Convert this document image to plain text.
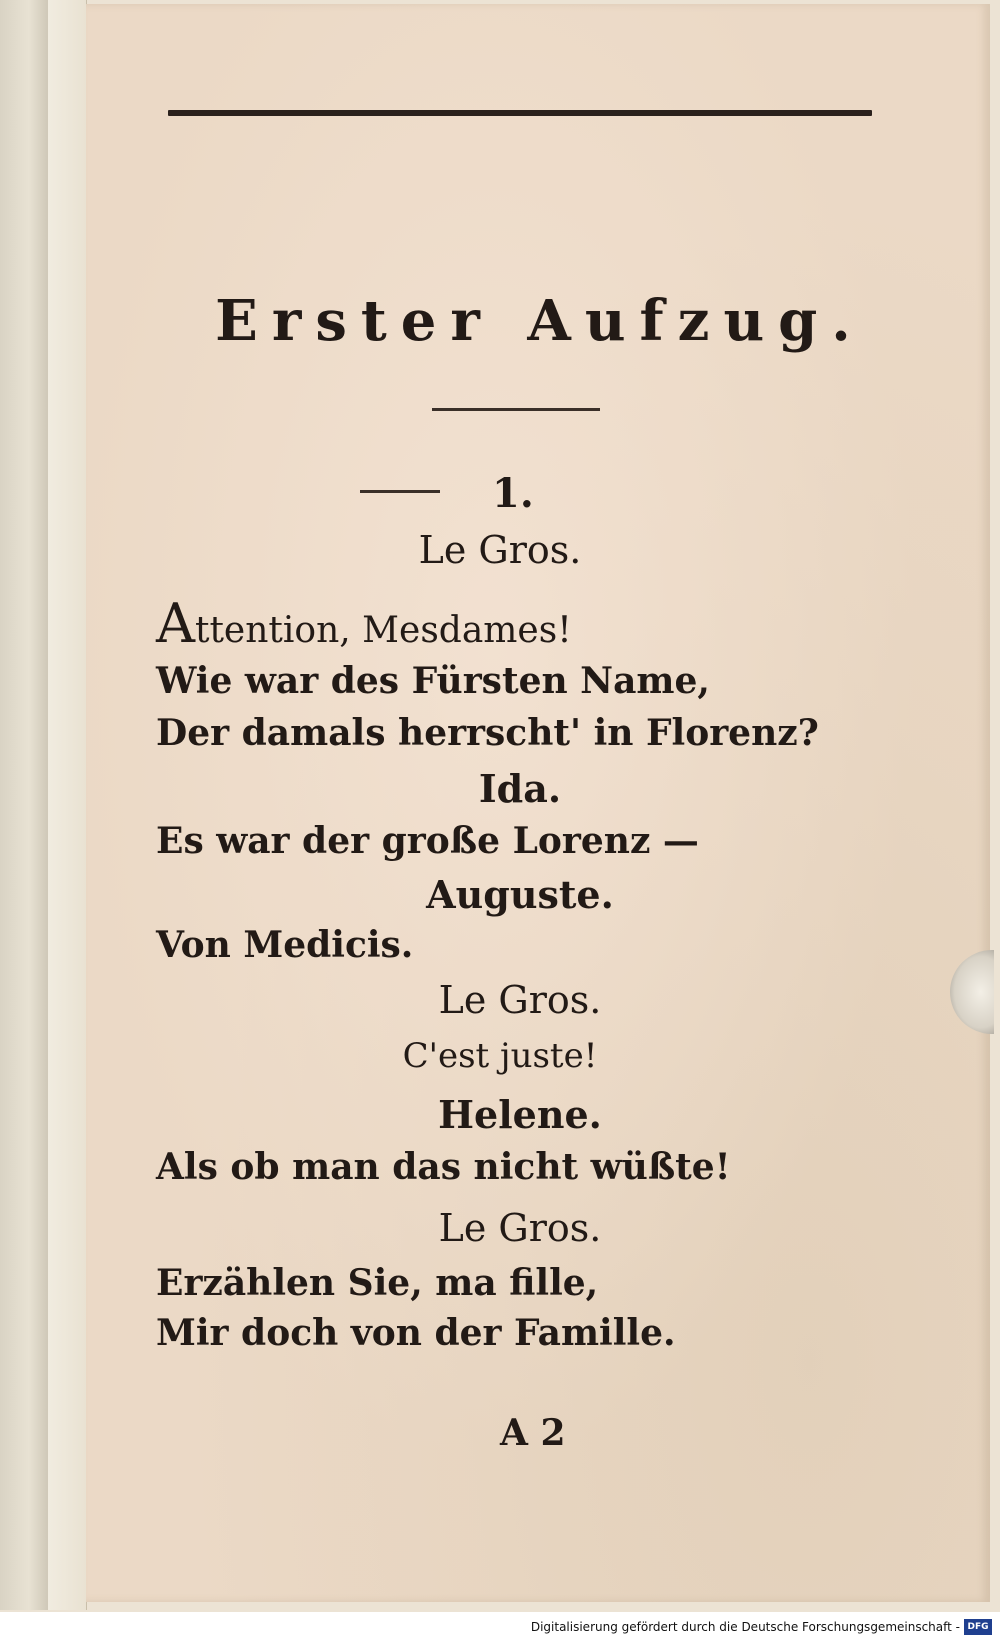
Erster Aufzug.
1.
Le Gros.
Attention, Mesdames!
Wie war des Fürsten Name,
Der damals herrscht' in Florenz?
Ida.
Es war der große Lorenz —
Auguste.
Von Medicis.
Le Gros.
C'est juste!
Helene.
Als ob man das nicht wüßte!
Le Gros.
Erzählen Sie, ma fille,
Mir doch von der Famille.
A 2
Digitalisierung gefördert durch die Deutsche Forschungsgemeinschaft - DFG
